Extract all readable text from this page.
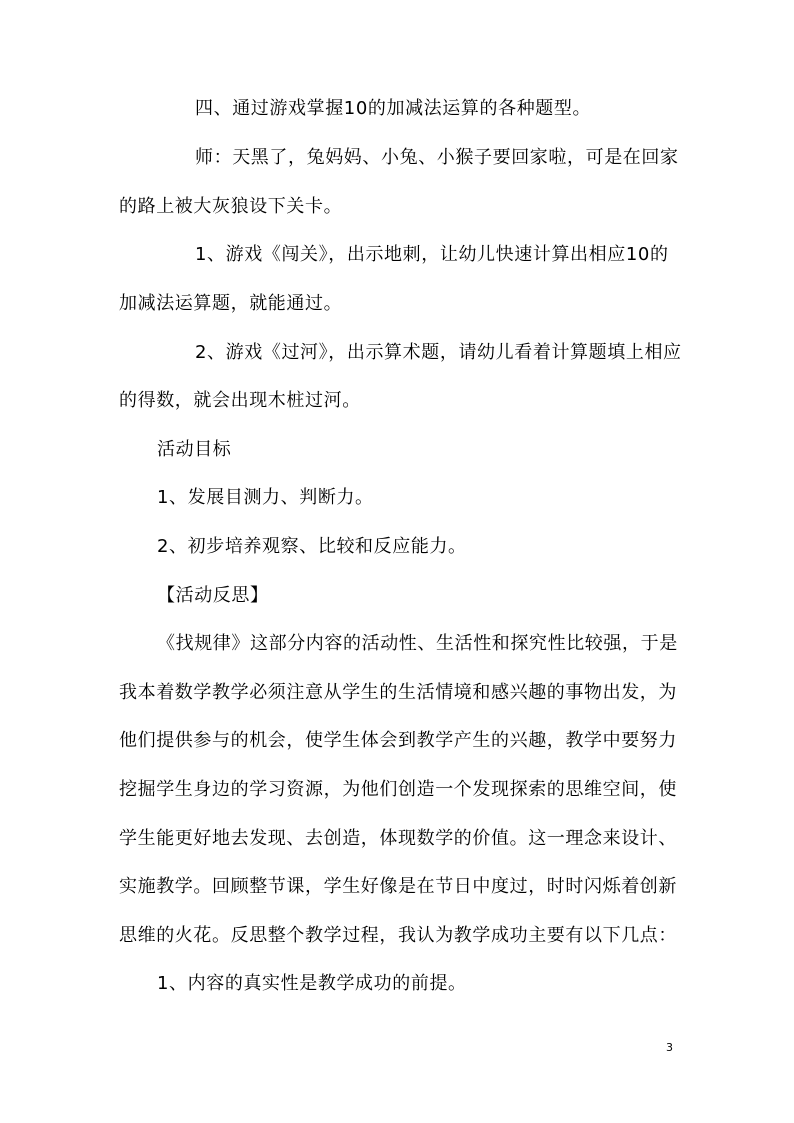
四、通过游戏掌握10的加减法运算的各种题型。
师：天黑了，兔妈妈、小兔、小猴子要回家啦，可是在回家
的路上被大灰狼设下关卡。
1、游戏《闯关》，出示地刺，让幼儿快速计算出相应10的
加减法运算题，就能通过。
2、游戏《过河》，出示算术题，请幼儿看着计算题填上相应
的得数，就会出现木桩过河。
活动目标
1、发展目测力、判断力。
2、初步培养观察、比较和反应能力。
【活动反思】
《找规律》这部分内容的活动性、生活性和探究性比较强，于是
我本着数学教学必须注意从学生的生活情境和感兴趣的事物出发，为
他们提供参与的机会，使学生体会到教学产生的兴趣，教学中要努力
挖掘学生身边的学习资源，为他们创造一个发现探索的思维空间，使
学生能更好地去发现、去创造，体现数学的价值。这一理念来设计、
实施教学。回顾整节课，学生好像是在节日中度过，时时闪烁着创新
思维的火花。反思整个教学过程，我认为教学成功主要有以下几点：
1、内容的真实性是教学成功的前提。
3
